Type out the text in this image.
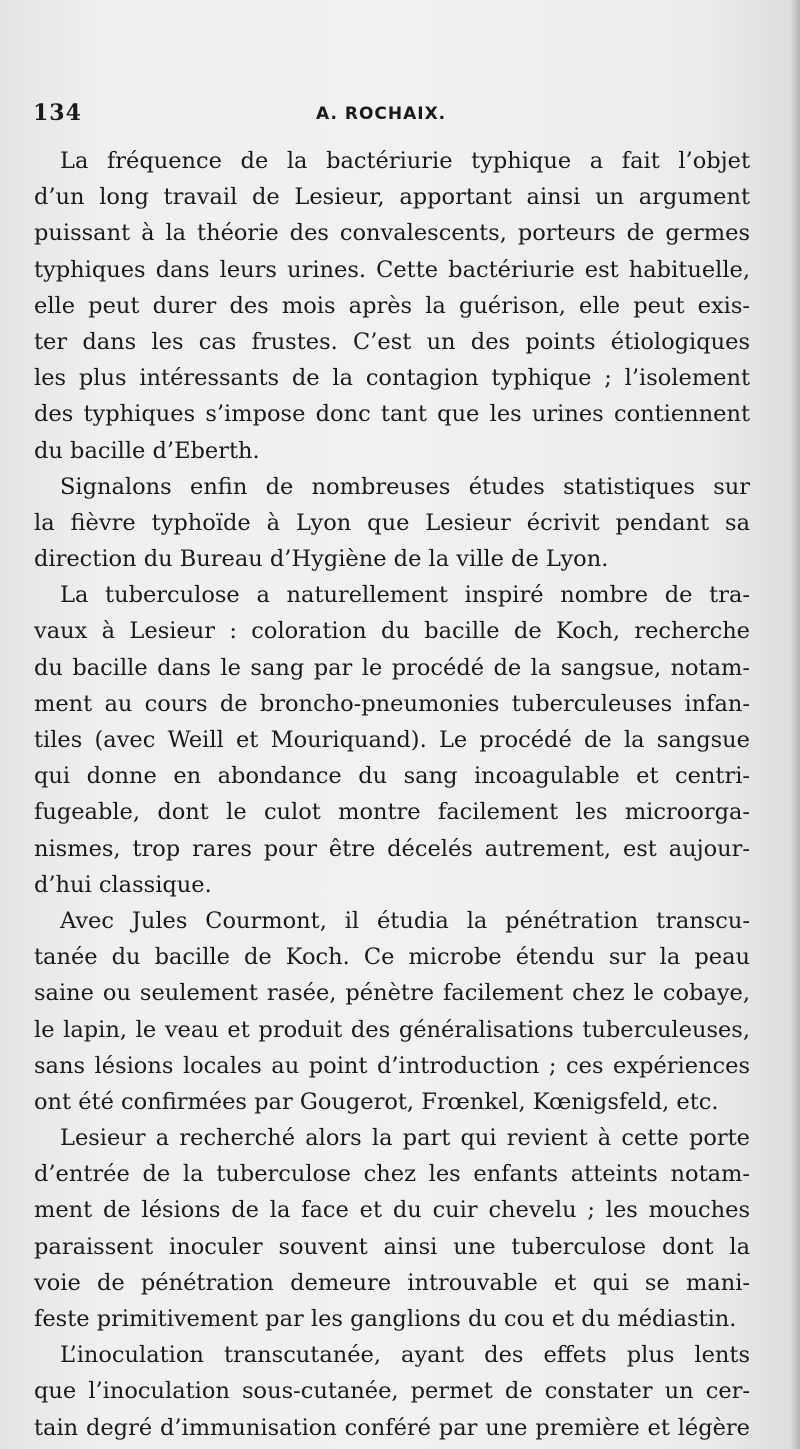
134	A. ROCHAIX.
La fréquence de la bactériurie typhique a fait l’objet
d’un long travail de Lesieur, apportant ainsi un argument
puissant à la théorie des convalescents, porteurs de germes
typhiques dans leurs urines. Cette bactériurie est habituelle,
elle peut durer des mois après la guérison, elle peut exis-
ter dans les cas frustes. C’est un des points étiologiques
les plus intéressants de la contagion typhique ; l’isolement
des typhiques s’impose donc tant que les urines contiennent
du bacille d’Eberth.
Signalons enfin de nombreuses études statistiques sur
la fièvre typhoïde à Lyon que Lesieur écrivit pendant sa
direction du Bureau d’Hygiène de la ville de Lyon.
La tuberculose a naturellement inspiré nombre de tra-
vaux à Lesieur : coloration du bacille de Koch, recherche
du bacille dans le sang par le procédé de la sangsue, notam-
ment au cours de broncho-pneumonies tuberculeuses infan-
tiles (avec Weill et Mouriquand). Le procédé de la sangsue
qui donne en abondance du sang incoagulable et centri-
fugeable, dont le culot montre facilement les microorga-
nismes, trop rares pour être décelés autrement, est aujour-
d’hui classique.
Avec Jules Courmont, il étudia la pénétration transcu-
tanée du bacille de Koch. Ce microbe étendu sur la peau
saine ou seulement rasée, pénètre facilement chez le cobaye,
le lapin, le veau et produit des généralisations tuberculeuses,
sans lésions locales au point d’introduction ; ces expériences
ont été confirmées par Gougerot, Frœnkel, Kœnigsfeld, etc.
Lesieur a recherché alors la part qui revient à cette porte
d’entrée de la tuberculose chez les enfants atteints notam-
ment de lésions de la face et du cuir chevelu ; les mouches
paraissent inoculer souvent ainsi une tuberculose dont la
voie de pénétration demeure introuvable et qui se mani-
feste primitivement par les ganglions du cou et du médiastin.
L’inoculation transcutanée, ayant des effets plus lents
que l’inoculation sous-cutanée, permet de constater un cer-
tain degré d’immunisation conféré par une première et légère
